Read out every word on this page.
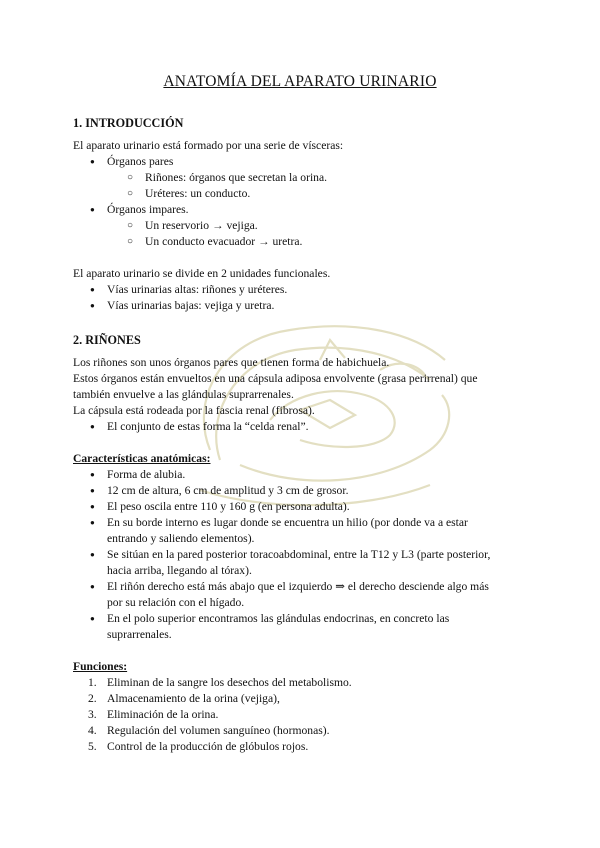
ANATOMÍA DEL APARATO URINARIO
1. INTRODUCCIÓN
El aparato urinario está formado por una serie de vísceras:
● Órganos pares
○ Riñones: órganos que secretan la orina.
○ Uréteres: un conducto.
● Órganos impares.
○ Un reservorio → vejiga.
○ Un conducto evacuador → uretra.
El aparato urinario se divide en 2 unidades funcionales.
● Vías urinarias altas: riñones y uréteres.
● Vías urinarias bajas: vejiga y uretra.
2. RIÑONES
Los riñones son unos órganos pares que tienen forma de habichuela.
Estos órganos están envueltos en una cápsula adiposa envolvente (grasa perirrenal) que
también envuelve a las glándulas suprarrenales.
La cápsula está rodeada por la fascia renal (fibrosa).
● El conjunto de estas forma la “celda renal”.
Características anatómicas:
● Forma de alubia.
● 12 cm de altura, 6 cm de amplitud y 3 cm de grosor.
● El peso oscila entre 110 y 160 g (en persona adulta).
● En su borde interno es lugar donde se encuentra un hilio (por donde va a estar
entrando y saliendo elementos).
● Se sitúan en la pared posterior toracoabdominal, entre la T12 y L3 (parte posterior,
hacia arriba, llegando al tórax).
● El riñón derecho está más abajo que el izquierdo ⇒ el derecho desciende algo más
por su relación con el hígado.
● En el polo superior encontramos las glándulas endocrinas, en concreto las
suprarrenales.
Funciones:
1. Eliminan de la sangre los desechos del metabolismo.
2. Almacenamiento de la orina (vejiga),
3. Eliminación de la orina.
4. Regulación del volumen sanguíneo (hormonas).
5. Control de la producción de glóbulos rojos.
